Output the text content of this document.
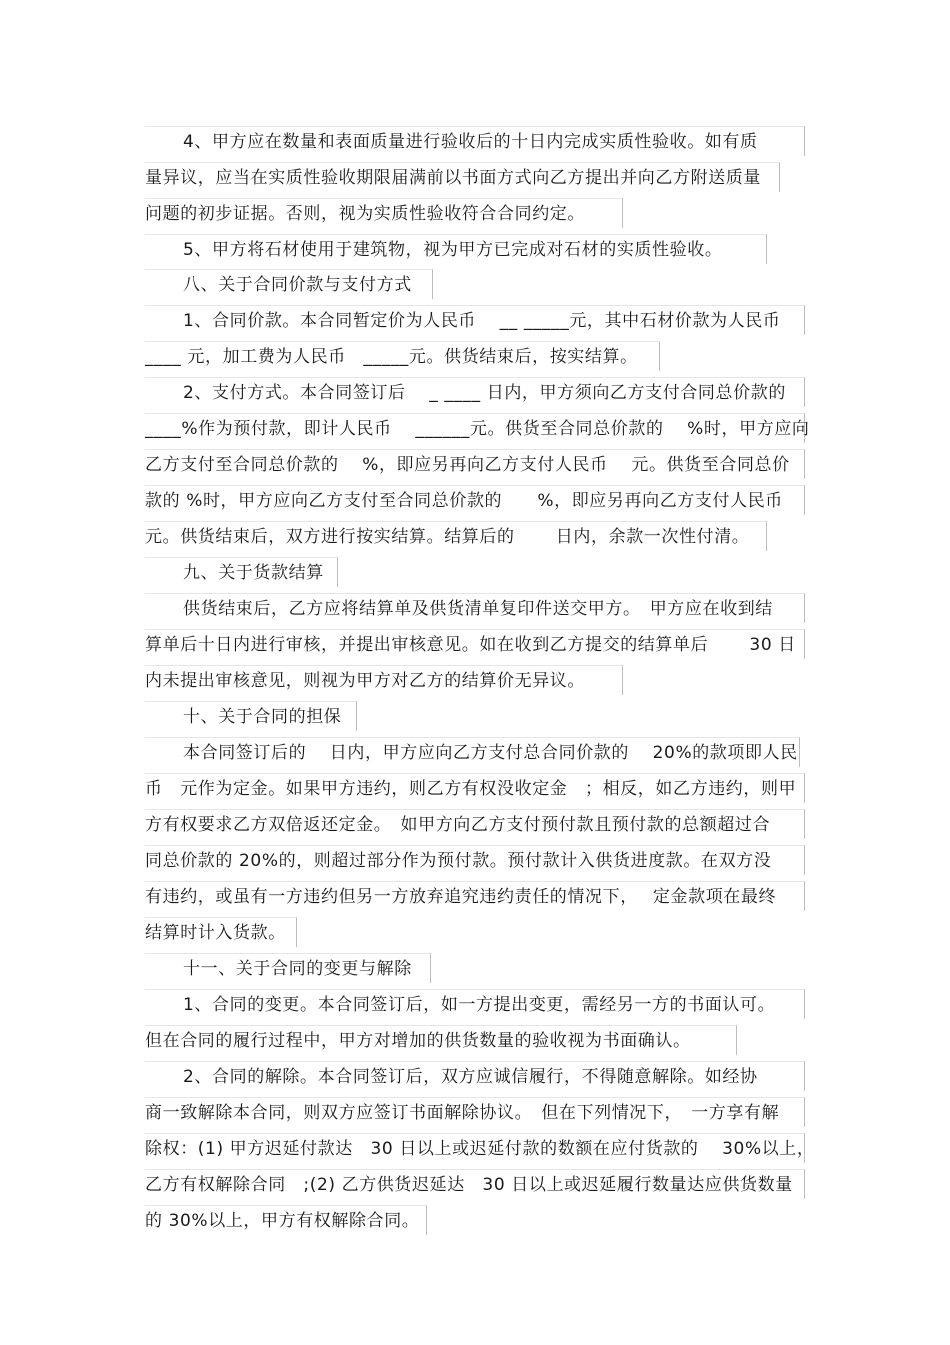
4、甲方应在数量和表面质量进行验收后的十日内完成实质性验收。如有质
量异议，应当在实质性验收期限届满前以书面方式向乙方提出并向乙方附送质量
问题的初步证据。否则，视为实质性验收符合合同约定。
5、甲方将石材使用于建筑物，视为甲方已完成对石材的实质性验收。
八、关于合同价款与支付方式
1、合同价款。本合同暂定价为人民币　 __ _____元，其中石材价款为人民币
____ 元，加工费为人民币　_____元。供货结束后，按实结算。
2、支付方式。本合同签订后　 _ ____ 日内，甲方须向乙方支付合同总价款的
____%作为预付款，即计人民币　 ______元。供货至合同总价款的　 %时，甲方应向
乙方支付至合同总价款的　 %，即应另再向乙方支付人民币　 元。供货至合同总价
款的 %时，甲方应向乙方支付至合同总价款的　　%，即应另再向乙方支付人民币
元。供货结束后，双方进行按实结算。结算后的　　 日内，余款一次性付清。
九、关于货款结算
供货结束后，乙方应将结算单及供货清单复印件送交甲方。　甲方应在收到结
算单后十日内进行审核，并提出审核意见。如在收到乙方提交的结算单后　　 30 日
内未提出审核意见，则视为甲方对乙方的结算价无异议。
十、关于合同的担保
本合同签订后的　 日内，甲方应向乙方支付总合同价款的　 20%的款项即人民
币　元作为定金。如果甲方违约，则乙方有权没收定金　；相反，如乙方违约，则甲
方有权要求乙方双倍返还定金。　如甲方向乙方支付预付款且预付款的总额超过合
同总价款的 20%的，则超过部分作为预付款。预付款计入供货进度款。在双方没
有违约，或虽有一方违约但另一方放弃追究违约责任的情况下，　 定金款项在最终
结算时计入货款。
十一、关于合同的变更与解除
1、合同的变更。本合同签订后，如一方提出变更，需经另一方的书面认可。
但在合同的履行过程中，甲方对增加的供货数量的验收视为书面确认。
2、合同的解除。本合同签订后，双方应诚信履行，不得随意解除。如经协
商一致解除本合同，则双方应签订书面解除协议。　但在下列情况下，　一方享有解
除权：(1) 甲方迟延付款达　30 日以上或迟延付款的数额在应付货款的　 30%以上，
乙方有权解除合同　;(2) 乙方供货迟延达　30 日以上或迟延履行数量达应供货数量
的 30%以上，甲方有权解除合同。
